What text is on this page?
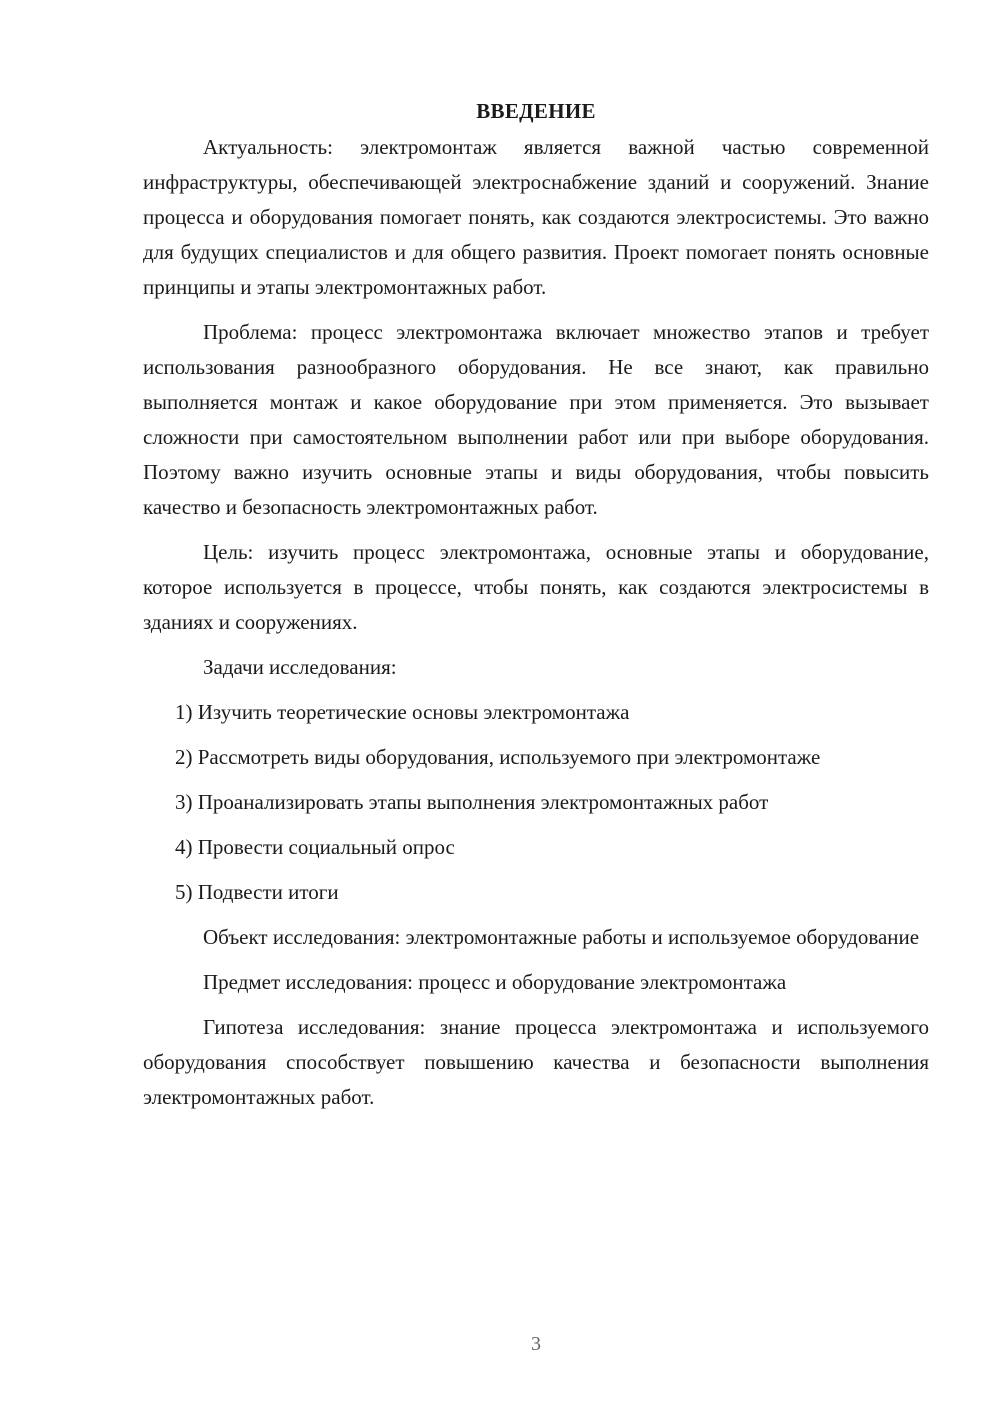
ВВЕДЕНИЕ

Актуальность: электромонтаж является важной частью современной инфраструктуры, обеспечивающей электроснабжение зданий и сооружений. Знание процесса и оборудования помогает понять, как создаются электросистемы. Это важно для будущих специалистов и для общего развития. Проект помогает понять основные принципы и этапы электромонтажных работ.

Проблема: процесс электромонтажа включает множество этапов и требует использования разнообразного оборудования. Не все знают, как правильно выполняется монтаж и какое оборудование при этом применяется. Это вызывает сложности при самостоятельном выполнении работ или при выборе оборудования. Поэтому важно изучить основные этапы и виды оборудования, чтобы повысить качество и безопасность электромонтажных работ.

Цель: изучить процесс электромонтажа, основные этапы и оборудование, которое используется в процессе, чтобы понять, как создаются электросистемы в зданиях и сооружениях.

Задачи исследования:

1) Изучить теоретические основы электромонтажа

2) Рассмотреть виды оборудования, используемого при электромонтаже

3) Проанализировать этапы выполнения электромонтажных работ

4) Провести социальный опрос

5) Подвести итоги

Объект исследования: электромонтажные работы и используемое оборудование

Предмет исследования: процесс и оборудование электромонтажа

Гипотеза исследования: знание процесса электромонтажа и используемого оборудования способствует повышению качества и безопасности выполнения электромонтажных работ.

3
